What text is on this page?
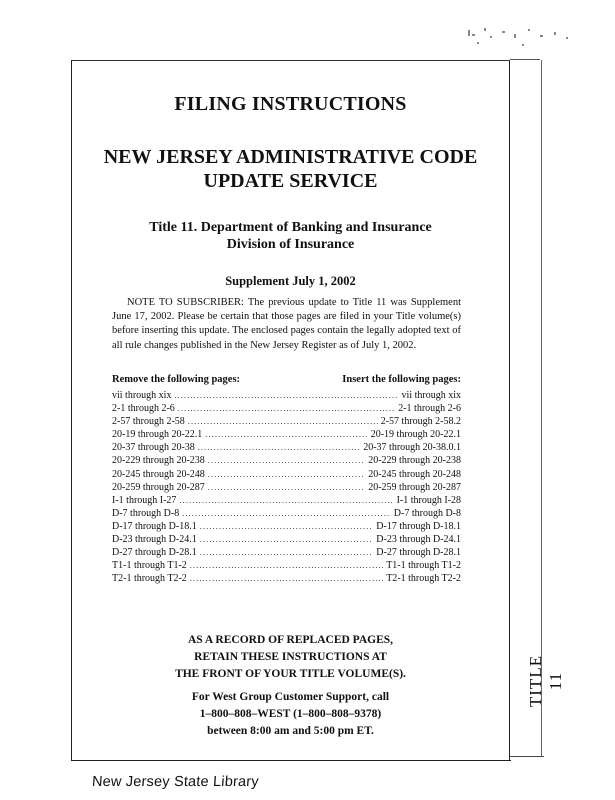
FILING INSTRUCTIONS
NEW JERSEY ADMINISTRATIVE CODE
UPDATE SERVICE
Title 11. Department of Banking and Insurance
Division of Insurance
Supplement July 1, 2002
NOTE TO SUBSCRIBER: The previous update to Title 11 was Supplement June 17, 2002. Please be certain that those pages are filed in your Title volume(s) before inserting this update. The enclosed pages contain the legally adopted text of all rule changes published in the New Jersey Register as of July 1, 2002.
Remove the following pages:	Insert the following pages:
vii through xix .....	vii through xix
2-1 through 2-6 .....	2-1 through 2-6
2-57 through 2-58 .....	2-57 through 2-58.2
20-19 through 20-22.1 .....	20-19 through 20-22.1
20-37 through 20-38 .....	20-37 through 20-38.0.1
20-229 through 20-238 .....	20-229 through 20-238
20-245 through 20-248 .....	20-245 through 20-248
20-259 through 20-287 .....	20-259 through 20-287
I-1 through I-27 .....	I-1 through I-28
D-7 through D-8 .....	D-7 through D-8
D-17 through D-18.1 .....	D-17 through D-18.1
D-23 through D-24.1 .....	D-23 through D-24.1
D-27 through D-28.1 .....	D-27 through D-28.1
T1-1 through T1-2 .....	T1-1 through T1-2
T2-1 through T2-2 .....	T2-1 through T2-2
AS A RECORD OF REPLACED PAGES,
RETAIN THESE INSTRUCTIONS AT
THE FRONT OF YOUR TITLE VOLUME(S).
For West Group Customer Support, call
1–800–808–WEST (1–800–808–9378)
between 8:00 am and 5:00 pm ET.
TITLE 11
New Jersey State Library
